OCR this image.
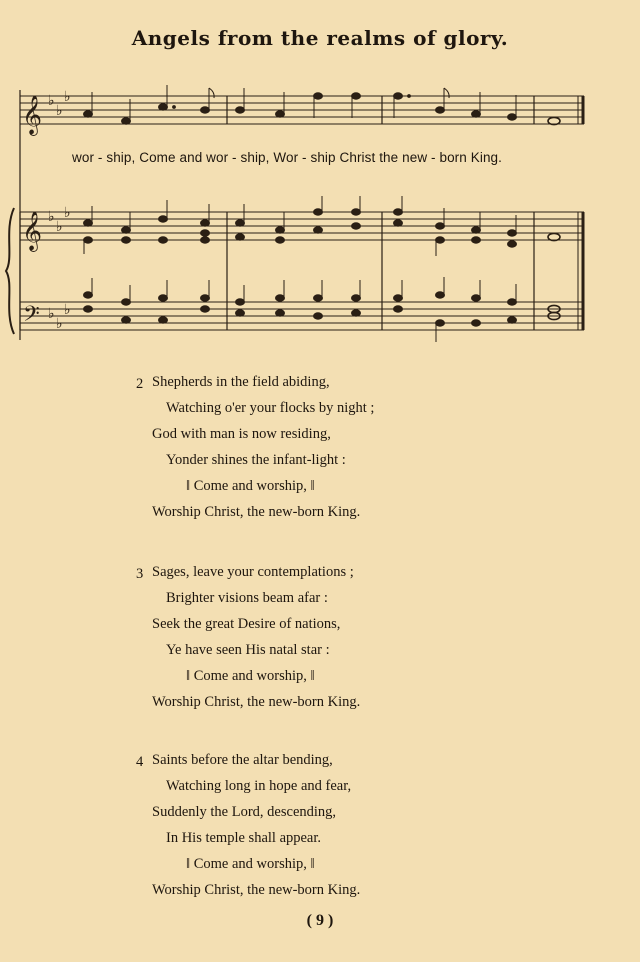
Angels from the realms of glory.
𝄞
𝄞
𝄢
♭
♭
♭
♭
♭
♭
♭
♭
♭
wor - ship, Come and wor - ship, Wor - ship Christ the new - born King.
2 Shepherds in the field abiding,
Watching o'er your flocks by night ;
God with man is now residing,
Yonder shines the infant-light :
‖ Come and worship, ‖
Worship Christ, the new-born King.
3 Sages, leave your contemplations ;
Brighter visions beam afar :
Seek the great Desire of nations,
Ye have seen His natal star :
‖ Come and worship, ‖
Worship Christ, the new-born King.
4 Saints before the altar bending,
Watching long in hope and fear,
Suddenly the Lord, descending,
In His temple shall appear.
‖ Come and worship, ‖
Worship Christ, the new-born King.
( 9 )
